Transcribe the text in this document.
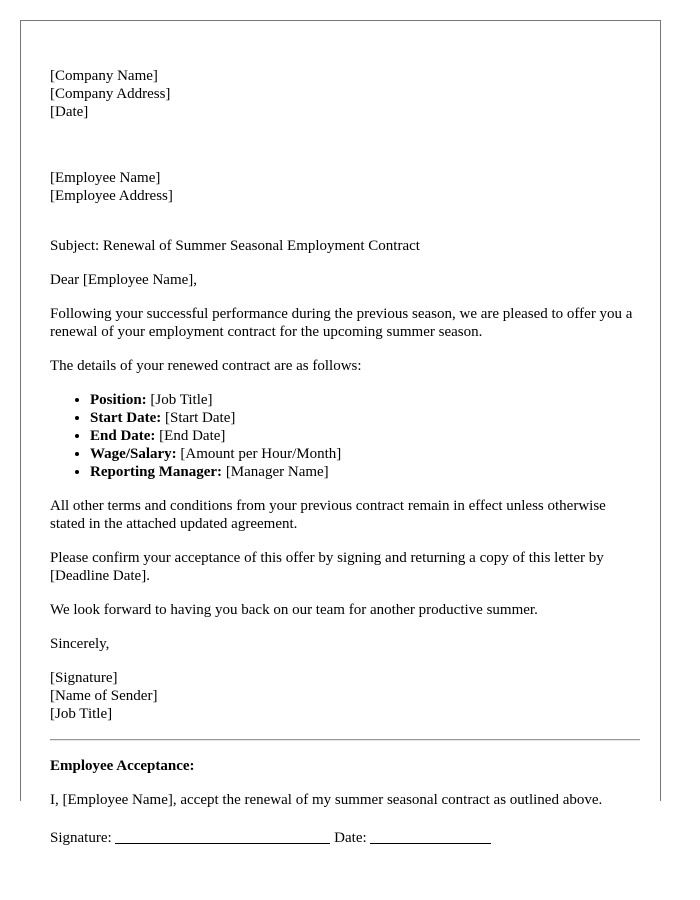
[Company Name]
[Company Address]
[Date]

[Employee Name]
[Employee Address]

Subject: Renewal of Summer Seasonal Employment Contract

Dear [Employee Name],

Following your successful performance during the previous season, we are pleased to offer you a renewal of your employment contract for the upcoming summer season.

The details of your renewed contract are as follows:

• Position: [Job Title]
• Start Date: [Start Date]
• End Date: [End Date]
• Wage/Salary: [Amount per Hour/Month]
• Reporting Manager: [Manager Name]

All other terms and conditions from your previous contract remain in effect unless otherwise stated in the attached updated agreement.

Please confirm your acceptance of this offer by signing and returning a copy of this letter by [Deadline Date].

We look forward to having you back on our team for another productive summer.

Sincerely,

[Signature]
[Name of Sender]
[Job Title]

Employee Acceptance:

I, [Employee Name], accept the renewal of my summer seasonal contract as outlined above.

Signature:	Date:
